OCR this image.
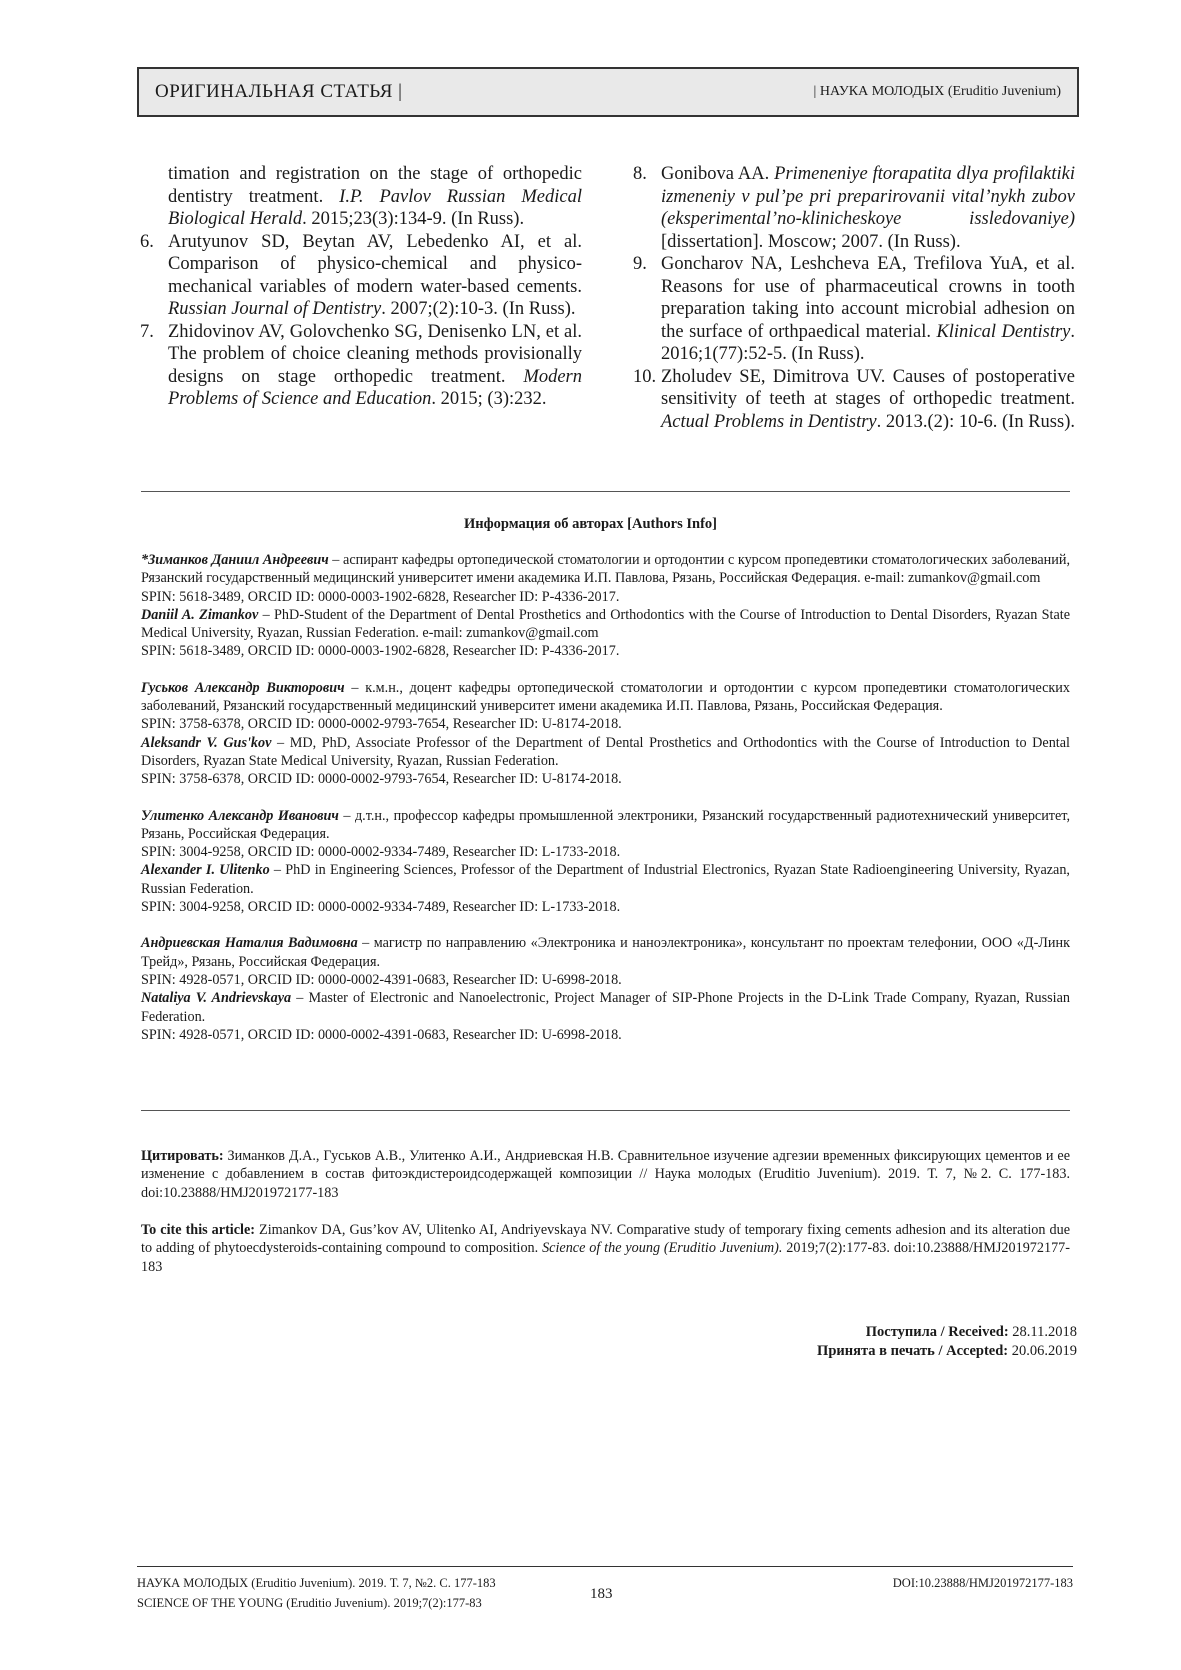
ОРИГИНАЛЬНАЯ СТАТЬЯ |	| НАУКА МОЛОДЫХ (Eruditio Juvenium)

timation and registration on the stage of orthopedic dentistry treatment. I.P. Pavlov Russian Medical Biological Herald. 2015;23(3):134-9. (In Russ).

6. Arutyunov SD, Beytan AV, Lebedenko AI, et al. Comparison of physico-chemical and physico-mechanical variables of modern water-based cements. Russian Journal of Dentistry. 2007;(2):10-3. (In Russ).

7. Zhidovinov AV, Golovchenko SG, Denisenko LN, et al. The problem of choice cleaning methods provisionally designs on stage orthopedic treatment. Modern Problems of Science and Education. 2015; (3):232.

8. Gonibova AA. Primeneniye ftorapatita dlya profilaktiki izmeneniy v pul’pe pri preparirovanii vital’nykh zubov (eksperimental’no-klinicheskoye issledovaniye) [dissertation]. Moscow; 2007. (In Russ).

9. Goncharov NA, Leshcheva EA, Trefilova YuA, et al. Reasons for use of pharmaceutical crowns in tooth preparation taking into account microbial adhesion on the surface of orthpaedical material. Klinical Dentistry. 2016;1(77):52-5. (In Russ).

10. Zholudev SE, Dimitrova UV. Causes of postoperative sensitivity of teeth at stages of orthopedic treatment. Actual Problems in Dentistry. 2013.(2): 10-6. (In Russ).

Информация об авторах [Authors Info]

*Зиманков Даниил Андреевич – аспирант кафедры ортопедической стоматологии и ортодонтии с курсом пропедевтики стоматологических заболеваний, Рязанский государственный медицинский университет имени академика И.П. Павлова, Рязань, Российская Федерация. e-mail: zumankov@gmail.com

SPIN: 5618-3489, ORCID ID: 0000-0003-1902-6828, Researcher ID: P-4336-2017.

Daniil A. Zimankov – PhD-Student of the Department of Dental Prosthetics and Orthodontics with the Course of Introduction to Dental Disorders, Ryazan State Medical University, Ryazan, Russian Federation. e-mail: zumankov@gmail.com

SPIN: 5618-3489, ORCID ID: 0000-0003-1902-6828, Researcher ID: P-4336-2017.

Гуськов Александр Викторович – к.м.н., доцент кафедры ортопедической стоматологии и ортодонтии с курсом пропедевтики стоматологических заболеваний, Рязанский государственный медицинский университет имени академика И.П. Павлова, Рязань, Российская Федерация.

SPIN: 3758-6378, ORCID ID: 0000-0002-9793-7654, Researcher ID: U-8174-2018.

Aleksandr V. Gus'kov – MD, PhD, Associate Professor of the Department of Dental Prosthetics and Orthodontics with the Course of Introduction to Dental Disorders, Ryazan State Medical University, Ryazan, Russian Federation.

SPIN: 3758-6378, ORCID ID: 0000-0002-9793-7654, Researcher ID: U-8174-2018.

Улитенко Александр Иванович – д.т.н., профессор кафедры промышленной электроники, Рязанский государственный радиотехнический университет, Рязань, Российская Федерация.

SPIN: 3004-9258, ORCID ID: 0000-0002-9334-7489, Researcher ID: L-1733-2018.

Alexander I. Ulitenko – PhD in Engineering Sciences, Professor of the Department of Industrial Electronics, Ryazan State Radioengineering University, Ryazan, Russian Federation.

SPIN: 3004-9258, ORCID ID: 0000-0002-9334-7489, Researcher ID: L-1733-2018.

Андриевская Наталия Вадимовна – магистр по направлению «Электроника и наноэлектроника», консультант по проектам телефонии, ООО «Д-Линк Трейд», Рязань, Российская Федерация.

SPIN: 4928-0571, ORCID ID: 0000-0002-4391-0683, Researcher ID: U-6998-2018.

Nataliya V. Andrievskaya – Master of Electronic and Nanoelectronic, Project Manager of SIP-Phone Projects in the D-Link Trade Company, Ryazan, Russian Federation.

SPIN: 4928-0571, ORCID ID: 0000-0002-4391-0683, Researcher ID: U-6998-2018.

Цитировать: Зиманков Д.А., Гуськов А.В., Улитенко А.И., Андриевская Н.В. Сравнительное изучение адгезии временных фиксирующих цементов и ее изменение с добавлением в состав фитоэкдистероидсодержащей композиции // Наука молодых (Eruditio Juvenium). 2019. Т. 7, №2. С. 177-183. doi:10.23888/HMJ201972177-183

To cite this article: Zimankov DA, Gus’kov AV, Ulitenko AI, Andriyevskaya NV. Comparative study of temporary fixing cements adhesion and its alteration due to adding of phytoecdysteroids-containing compound to composition. Science of the young (Eruditio Juvenium). 2019;7(2):177-83. doi:10.23888/HMJ201972177-183

Поступила / Received: 28.11.2018
Принята в печать / Accepted: 20.06.2019
НАУКА МОЛОДЫХ (Eruditio Juvenium). 2019. Т. 7, №2. С. 177-183
SCIENCE OF THE YOUNG (Eruditio Juvenium). 2019;7(2):177-83
183
DOI:10.23888/HMJ201972177-183
